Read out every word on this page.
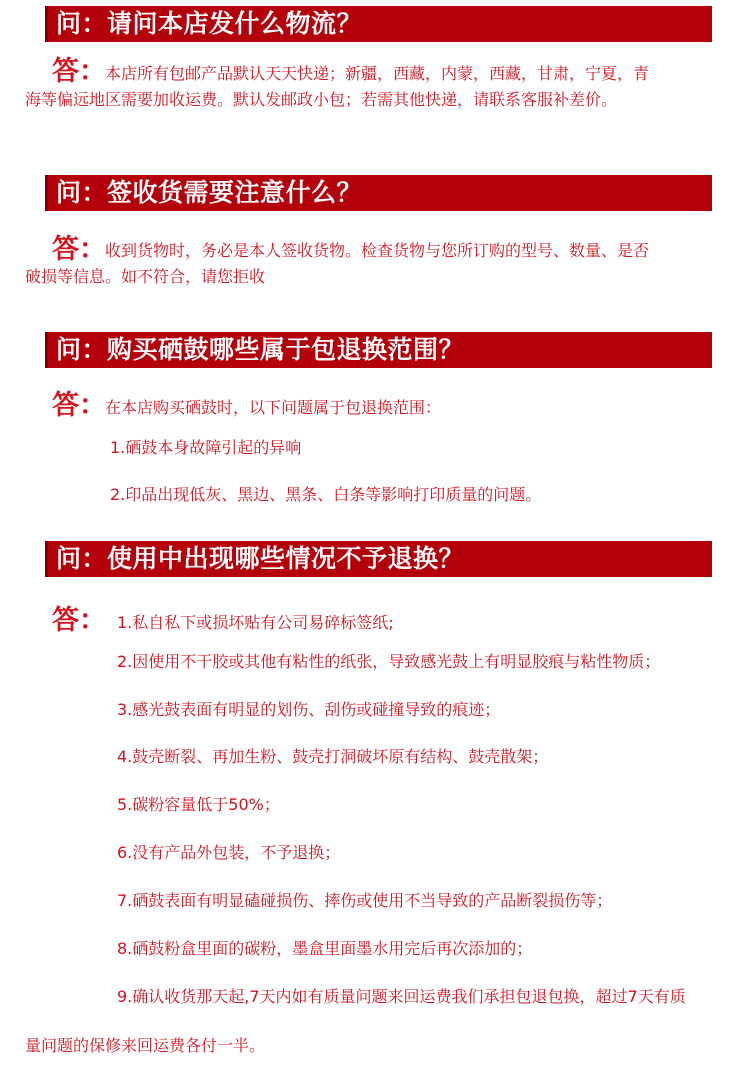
问：请问本店发什么物流？
答： 本店所有包邮产品默认天天快递；新疆，西藏，内蒙，西藏，甘肃，宁夏，青
海等偏远地区需要加收运费。默认发邮政小包；若需其他快递，请联系客服补差价。
问：签收货需要注意什么？
答： 收到货物时，务必是本人签收货物。检查货物与您所订购的型号、数量、是否
破损等信息。如不符合，请您拒收
问：购买硒鼓哪些属于包退换范围？
答： 在本店购买硒鼓时，以下问题属于包退换范围：
1.硒鼓本身故障引起的异响
2.印品出现低灰、黑边、黑条、白条等影响打印质量的问题。
问：使用中出现哪些情况不予退换？
答： 1.私自私下或损坏贴有公司易碎标签纸;
2.因使用不干胶或其他有粘性的纸张，导致感光鼓上有明显胶痕与粘性物质；
3.感光鼓表面有明显的划伤、刮伤或碰撞导致的痕迹；
4.鼓壳断裂、再加生粉、鼓壳打洞破坏原有结构、鼓壳散架；
5.碳粉容量低于50%；
6.没有产品外包装，不予退换；
7.硒鼓表面有明显磕碰损伤、摔伤或使用不当导致的产品断裂损伤等；
8.硒鼓粉盒里面的碳粉，墨盒里面墨水用完后再次添加的；
9.确认收货那天起,7天内如有质量问题来回运费我们承担包退包换，超过7天有质
量问题的保修来回运费各付一半。
